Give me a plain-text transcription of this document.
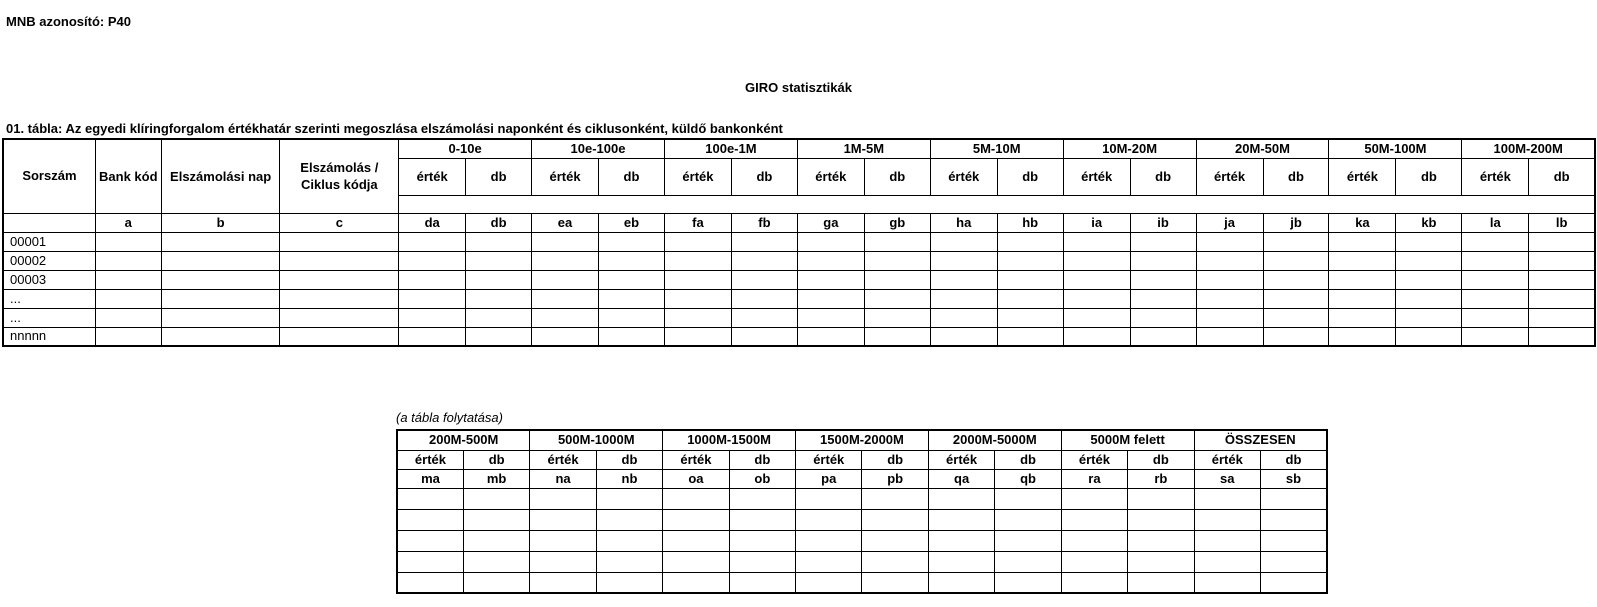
MNB azonosító: P40
GIRO statisztikák
01. tábla: Az egyedi klíringforgalom értékhatár szerinti megoszlása elszámolási naponként és ciklusonként, küldő bankonként
Sorszám	Bank kód	Elszámolási nap	Elszámolás / Ciklus kódja	0-10e		10e-100e		100e-1M		1M-5M		5M-10M		10M-20M		20M-50M		50M-100M		100M-200M	
				érték	db	érték	db	érték	db	érték	db	érték	db	érték	db	érték	db	érték	db	érték	db

	a	b	c	da	db	ea	eb	fa	fb	ga	gb	ha	hb	ia	ib	ja	jb	ka	kb	la	lb
00001																					
00002																					
00003																					
...																					
...																					
nnnnn																					
(a tábla folytatása)
200M-500M		500M-1000M		1000M-1500M		1500M-2000M		2000M-5000M		5000M felett		ÖSSZESEN	
érték	db	érték	db	érték	db	érték	db	érték	db	érték	db	érték	db
ma	mb	na	nb	oa	ob	pa	pb	qa	qb	ra	rb	sa	sb
